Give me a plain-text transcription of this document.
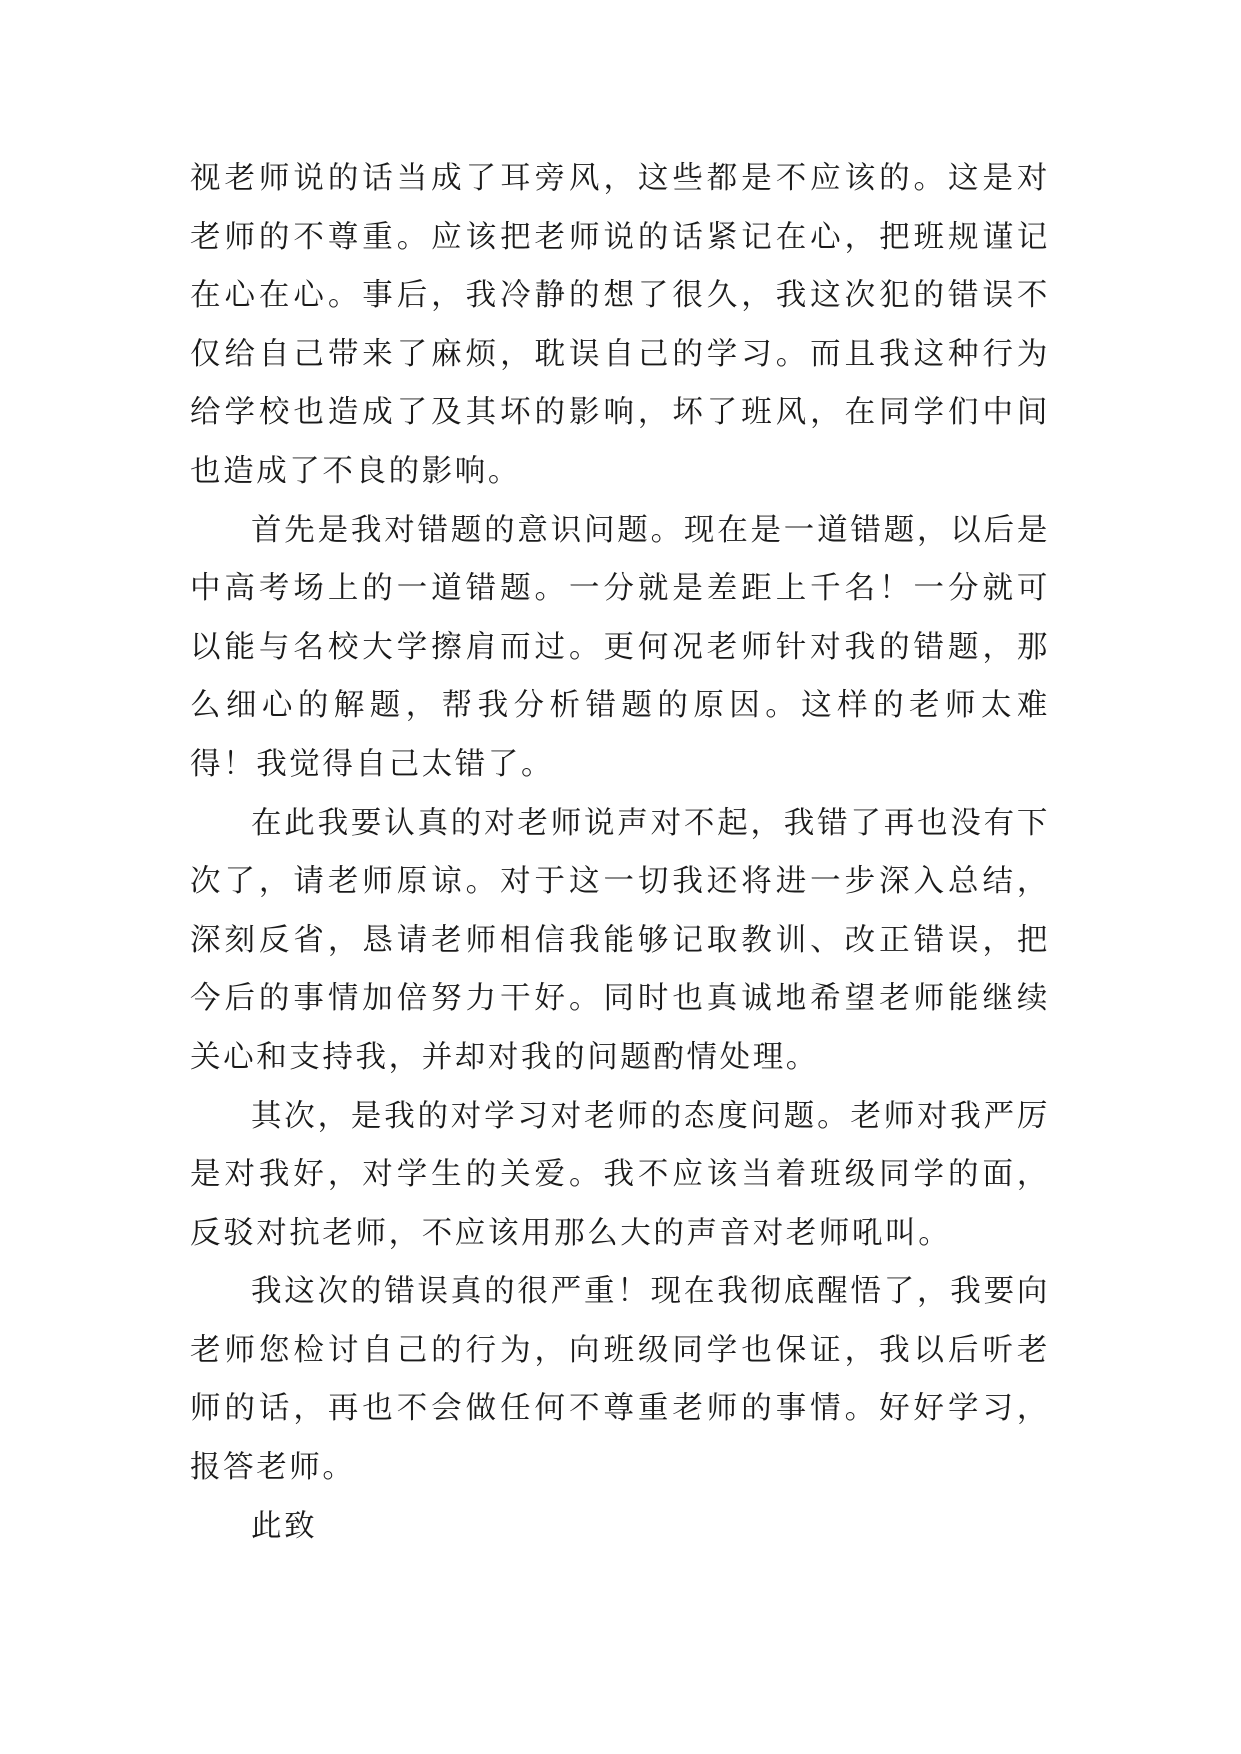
视老师说的话当成了耳旁风，这些都是不应该的。这是对老师的不尊重。应该把老师说的话紧记在心，把班规谨记在心在心。事后，我冷静的想了很久，我这次犯的错误不仅给自己带来了麻烦，耽误自己的学习。而且我这种行为给学校也造成了及其坏的影响，坏了班风，在同学们中间也造成了不良的影响。

首先是我对错题的意识问题。现在是一道错题，以后是中高考场上的一道错题。一分就是差距上千名！一分就可以能与名校大学擦肩而过。更何况老师针对我的错题，那么细心的解题，帮我分析错题的原因。这样的老师太难得！我觉得自己太错了。

在此我要认真的对老师说声对不起，我错了再也没有下次了，请老师原谅。对于这一切我还将进一步深入总结，深刻反省，恳请老师相信我能够记取教训、改正错误，把今后的事情加倍努力干好。同时也真诚地希望老师能继续关心和支持我，并却对我的问题酌情处理。

其次，是我的对学习对老师的态度问题。老师对我严厉是对我好，对学生的关爱。我不应该当着班级同学的面，反驳对抗老师，不应该用那么大的声音对老师吼叫。

我这次的错误真的很严重！现在我彻底醒悟了，我要向老师您检讨自己的行为，向班级同学也保证，我以后听老师的话，再也不会做任何不尊重老师的事情。好好学习，报答老师。

此致
